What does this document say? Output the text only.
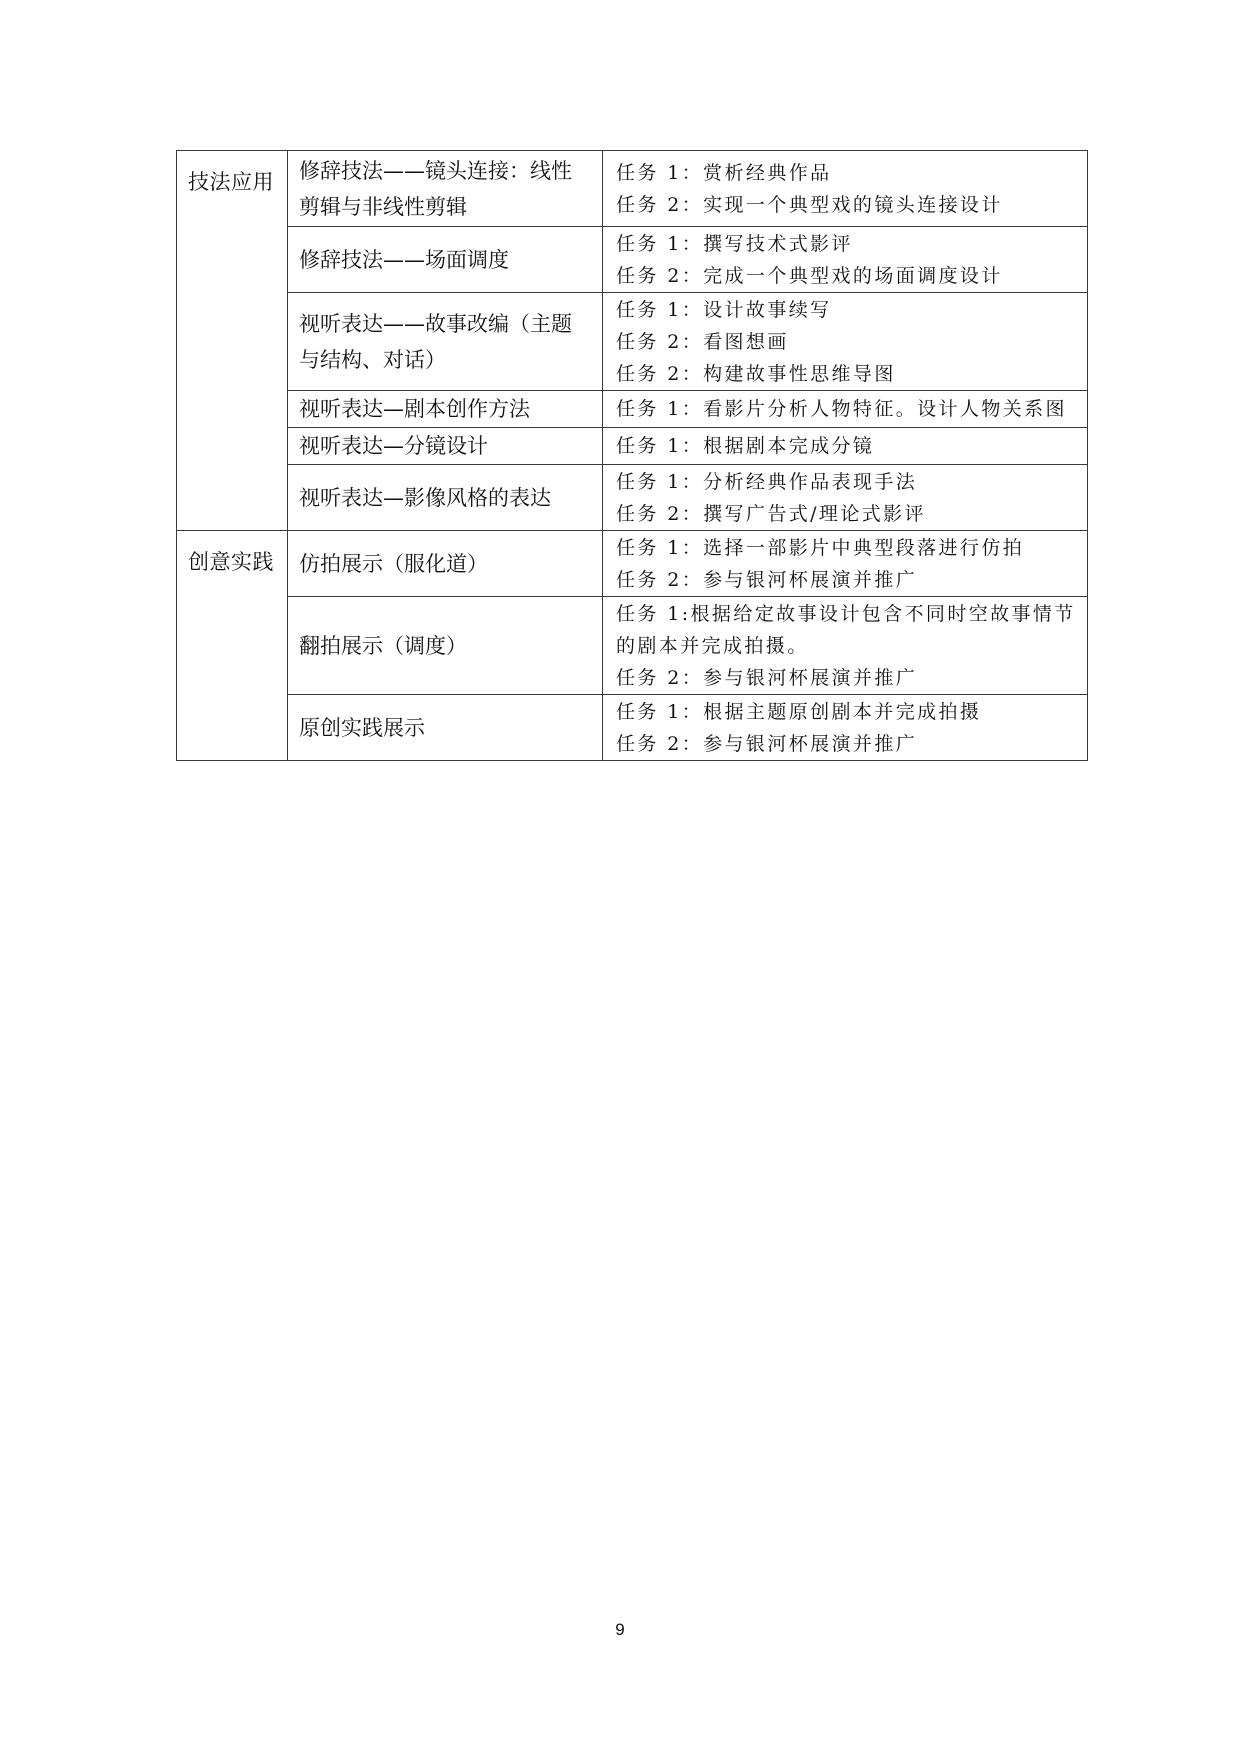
技法应用	修辞技法——镜头连接：线性剪辑与非线性剪辑	任务 1：赏析经典作品
任务 2：实现一个典型戏的镜头连接设计

	修辞技法——场面调度	任务 1：撰写技术式影评
任务 2：完成一个典型戏的场面调度设计

	视听表达——故事改编（主题与结构、对话）	任务 1：设计故事续写
任务 2：看图想画
任务 2：构建故事性思维导图

	视听表达—剧本创作方法	任务 1：看影片分析人物特征。设计人物关系图

	视听表达—分镜设计	任务 1：根据剧本完成分镜

	视听表达—影像风格的表达	任务 1：分析经典作品表现手法
任务 2：撰写广告式/理论式影评

创意实践	仿拍展示（服化道）	任务 1：选择一部影片中典型段落进行仿拍
任务 2：参与银河杯展演并推广

	翻拍展示（调度）	任务 1:根据给定故事设计包含不同时空故事情节的剧本并完成拍摄。
任务 2：参与银河杯展演并推广

	原创实践展示	任务 1：根据主题原创剧本并完成拍摄
任务 2：参与银河杯展演并推广
9
